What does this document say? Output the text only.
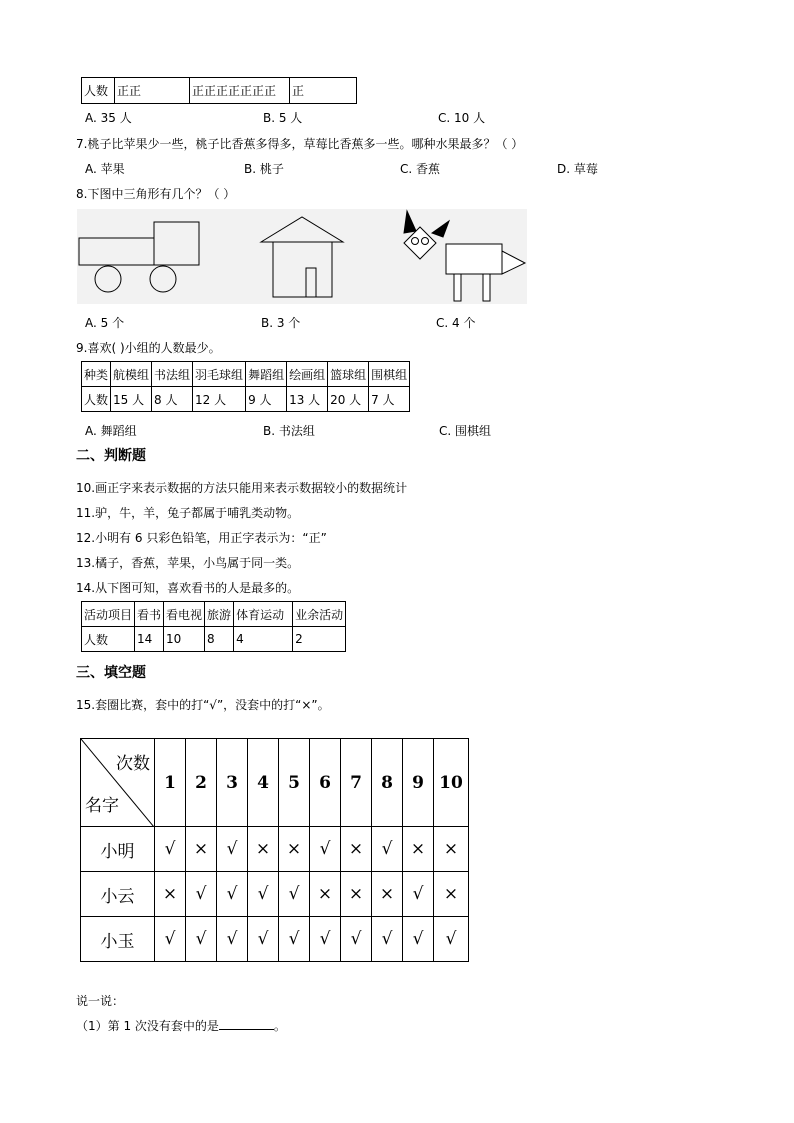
人数	正正	正正正正正正正	正
A. 35 人	B. 5 人	C. 10 人
7.桃子比苹果少一些，桃子比香蕉多得多，草莓比香蕉多一些。哪种水果最多？（ ）
A. 苹果	B. 桃子	C. 香蕉	D. 草莓
8.下图中三角形有几个？（ ）
A. 5 个	B. 3 个	C. 4 个
9.喜欢( )小组的人数最少。
种类	航模组	书法组	羽毛球组	舞蹈组	绘画组	篮球组	围棋组
人数	15 人	8 人	12 人	9 人	13 人	20 人	7 人
A. 舞蹈组	B. 书法组	C. 围棋组
二、判断题
10.画正字来表示数据的方法只能用来表示数据较小的数据统计
11.驴，牛，羊，兔子都属于哺乳类动物。
12.小明有 6 只彩色铅笔，用正字表示为：“正”
13.橘子，香蕉，苹果，小鸟属于同一类。
14.从下图可知，喜欢看书的人是最多的。
活动项目	看书	看电视	旅游	体育运动	业余活动
人数	14	10	8	4	2
三、填空题
15.套圈比赛，套中的打“√”，没套中的打“×”。
次数
名字	1	2	3	4	5	6	7	8	9	10
小明	√	×	√	×	×	√	×	√	×	×
小云	×	√	√	√	√	×	×	×	√	×
小玉	√	√	√	√	√	√	√	√	√	√
说一说：
（1）第 1 次没有套中的是	。
